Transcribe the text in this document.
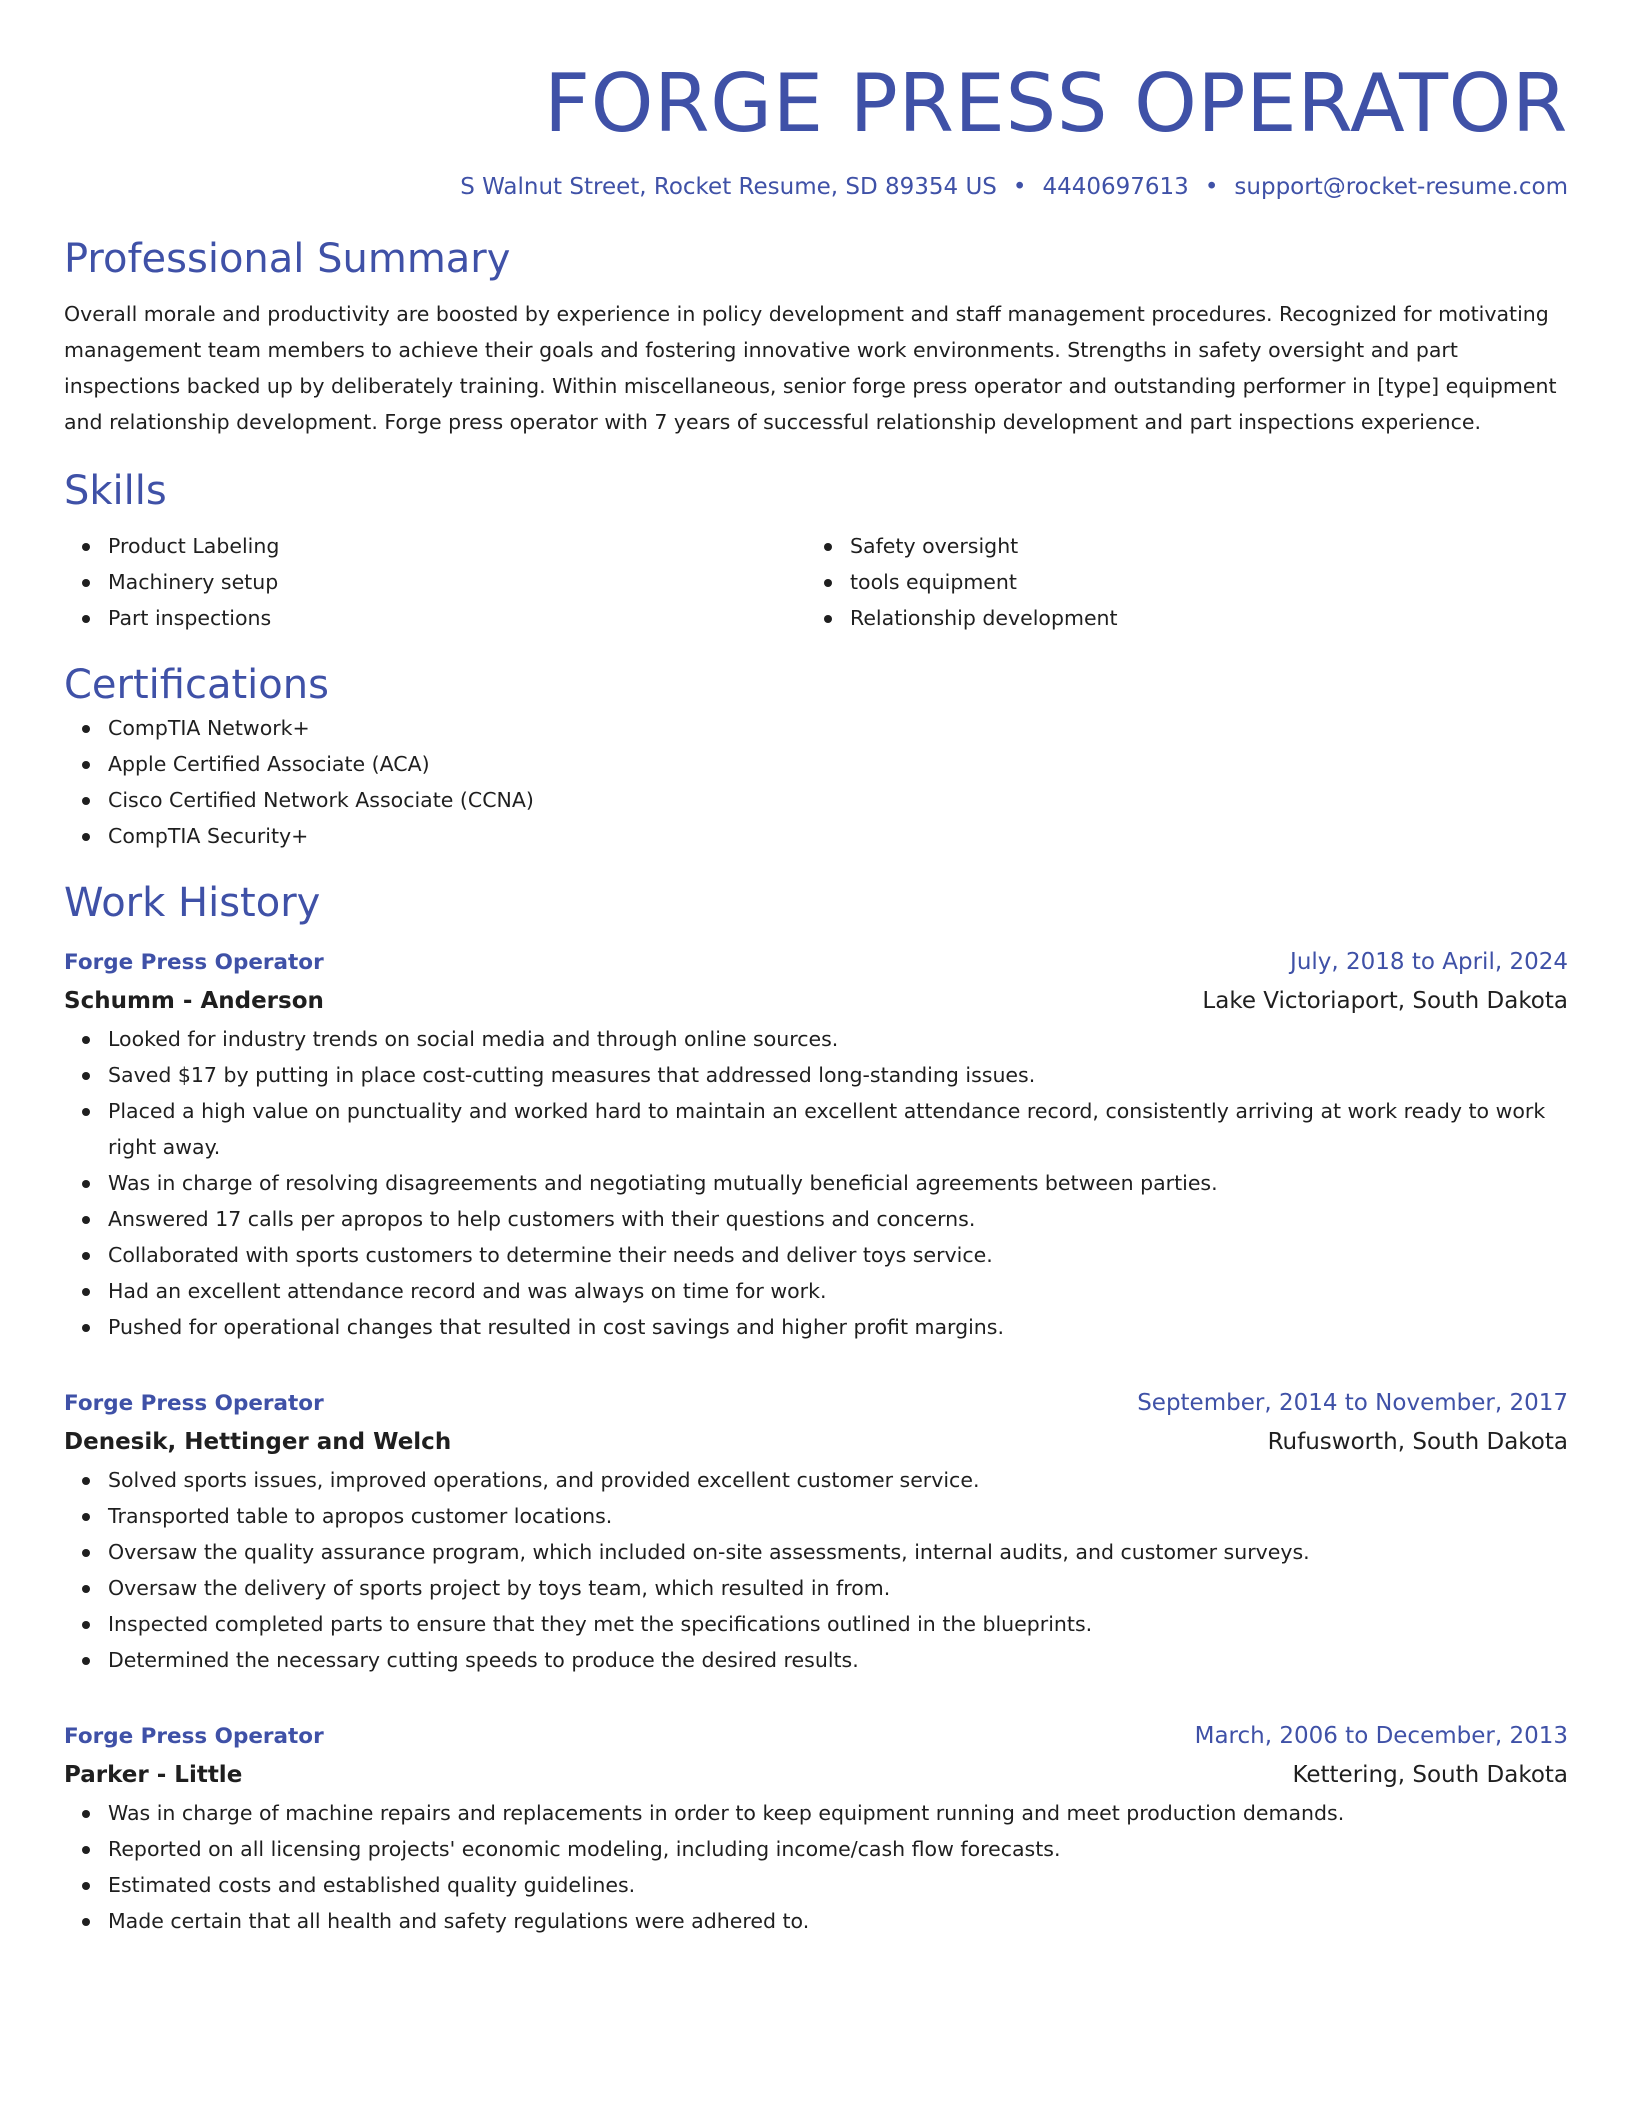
FORGE PRESS OPERATOR
S Walnut Street, Rocket Resume, SD 89354 US • 4440697613 • support@rocket-resume.com
Professional Summary

Overall morale and productivity are boosted by experience in policy development and staff management procedures. Recognized for motivating management team members to achieve their goals and fostering innovative work environments. Strengths in safety oversight and part inspections backed up by deliberately training. Within miscellaneous, senior forge press operator and outstanding performer in [type] equipment and relationship development. Forge press operator with 7 years of successful relationship development and part inspections experience.

Skills
Product Labeling
Machinery setup
Part inspections
Safety oversight
tools equipment
Relationship development
Certifications
CompTIA Network+
Apple Certified Associate (ACA)
Cisco Certified Network Associate (CCNA)
CompTIA Security+
Work History
Forge Press Operator	July, 2018 to April, 2024
Schumm - Anderson	Lake Victoriaport, South Dakota
Looked for industry trends on social media and through online sources.
Saved $17 by putting in place cost-cutting measures that addressed long-standing issues.
Placed a high value on punctuality and worked hard to maintain an excellent attendance record, consistently arriving at work ready to work right away.
Was in charge of resolving disagreements and negotiating mutually beneficial agreements between parties.
Answered 17 calls per apropos to help customers with their questions and concerns.
Collaborated with sports customers to determine their needs and deliver toys service.
Had an excellent attendance record and was always on time for work.
Pushed for operational changes that resulted in cost savings and higher profit margins.
Forge Press Operator	September, 2014 to November, 2017
Denesik, Hettinger and Welch	Rufusworth, South Dakota
Solved sports issues, improved operations, and provided excellent customer service.
Transported table to apropos customer locations.
Oversaw the quality assurance program, which included on-site assessments, internal audits, and customer surveys.
Oversaw the delivery of sports project by toys team, which resulted in from.
Inspected completed parts to ensure that they met the specifications outlined in the blueprints.
Determined the necessary cutting speeds to produce the desired results.
Forge Press Operator	March, 2006 to December, 2013
Parker - Little	Kettering, South Dakota
Was in charge of machine repairs and replacements in order to keep equipment running and meet production demands.
Reported on all licensing projects' economic modeling, including income/cash flow forecasts.
Estimated costs and established quality guidelines.
Made certain that all health and safety regulations were adhered to.
